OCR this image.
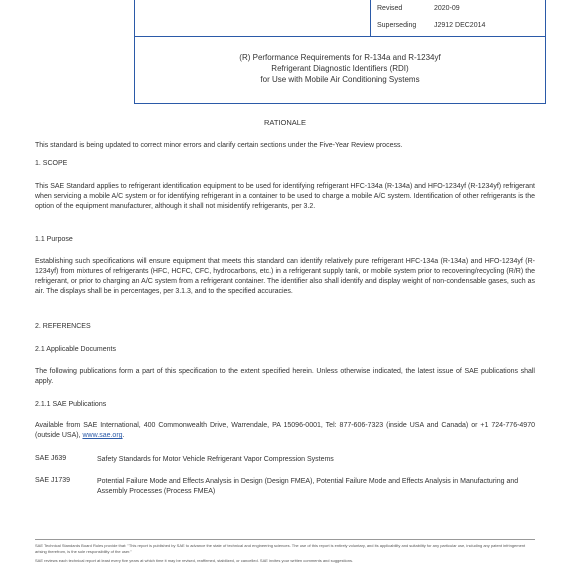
Revised	2020-09
Superseding	J2912 DEC2014
(R) Performance Requirements for R-134a and R-1234yf
Refrigerant Diagnostic Identifiers (RDI)
for Use with Mobile Air Conditioning Systems
RATIONALE
This standard is being updated to correct minor errors and clarify certain sections under the Five-Year Review process.
1. SCOPE
This SAE Standard applies to refrigerant identification equipment to be used for identifying refrigerant HFC-134a (R-134a) and HFO-1234yf (R-1234yf) refrigerant when servicing a mobile A/C system or for identifying refrigerant in a container to be used to charge a mobile A/C system. Identification of other refrigerants is the option of the equipment manufacturer, although it shall not misidentify refrigerants, per 3.2.
1.1 Purpose
Establishing such specifications will ensure equipment that meets this standard can identify relatively pure refrigerant HFC-134a (R-134a) and HFO-1234yf (R-1234yf) from mixtures of refrigerants (HFC, HCFC, CFC, hydrocarbons, etc.) in a refrigerant supply tank, or mobile system prior to recovering/recycling (R/R) the refrigerant, or prior to charging an A/C system from a refrigerant container. The identifier also shall identify and display weight of non-condensable gases, such as air. The displays shall be in percentages, per 3.1.3, and to the specified accuracies.
2. REFERENCES
2.1 Applicable Documents
The following publications form a part of this specification to the extent specified herein. Unless otherwise indicated, the latest issue of SAE publications shall apply.
2.1.1 SAE Publications
Available from SAE International, 400 Commonwealth Drive, Warrendale, PA 15096-0001, Tel: 877-606-7323 (inside USA and Canada) or +1 724-776-4970 (outside USA), www.sae.org.
SAE J639	Safety Standards for Motor Vehicle Refrigerant Vapor Compression Systems
SAE J1739	Potential Failure Mode and Effects Analysis in Design (Design FMEA), Potential Failure Mode and Effects Analysis in Manufacturing and Assembly Processes (Process FMEA)
SAE Technical Standards Board Rules provide that: "This report is published by SAE to advance the state of technical and engineering sciences. The use of this report is entirely voluntary, and its applicability and suitability for any particular use, including any patent infringement arising therefrom, is the sole responsibility of the user."
SAE reviews each technical report at least every five years at which time it may be revised, reaffirmed, stabilized, or cancelled. SAE invites your written comments and suggestions.
